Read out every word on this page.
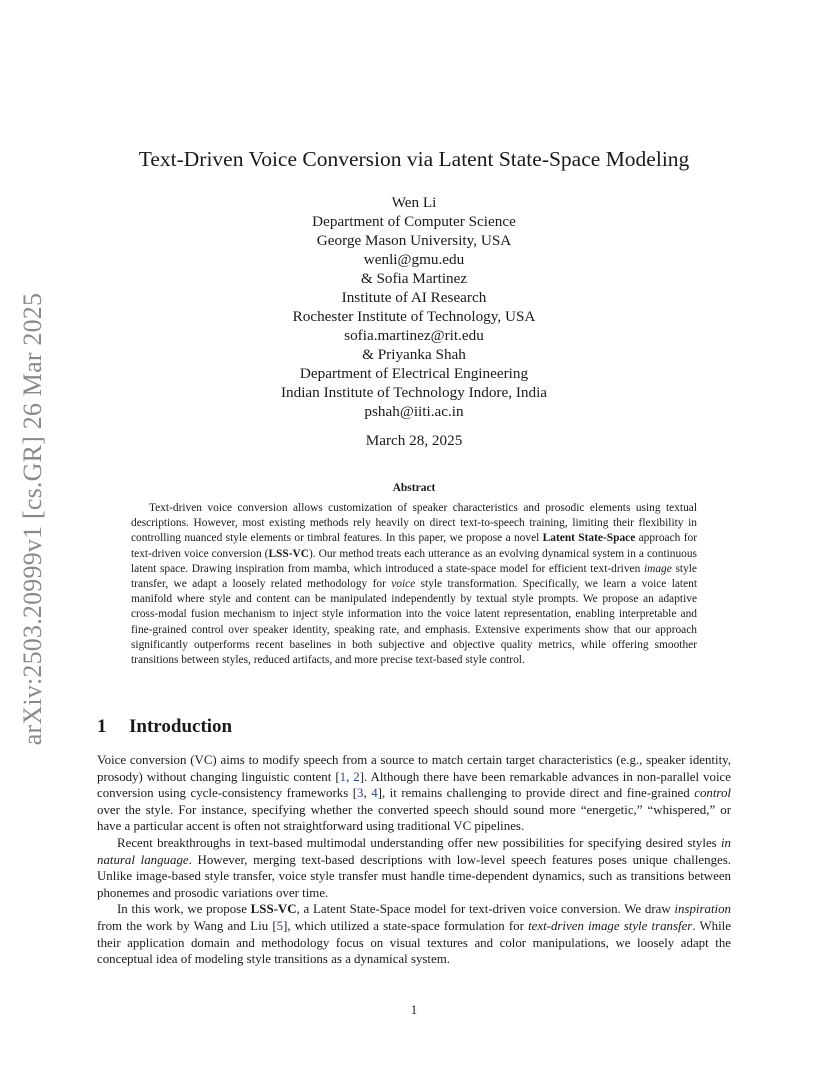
arXiv:2503.20999v1 [cs.GR] 26 Mar 2025
Text-Driven Voice Conversion via Latent State-Space Modeling
Wen Li
Department of Computer Science
George Mason University, USA
wenli@gmu.edu
& Sofia Martinez
Institute of AI Research
Rochester Institute of Technology, USA
sofia.martinez@rit.edu
& Priyanka Shah
Department of Electrical Engineering
Indian Institute of Technology Indore, India
pshah@iiti.ac.in
March 28, 2025
Abstract

Text-driven voice conversion allows customization of speaker characteristics and prosodic elements using textual descriptions. However, most existing methods rely heavily on direct text-to-speech training, limiting their flexibility in controlling nuanced style elements or timbral features. In this paper, we propose a novel Latent State-Space approach for text-driven voice conversion (LSS-VC). Our method treats each utterance as an evolving dynamical system in a continuous latent space. Drawing inspiration from mamba, which introduced a state-space model for efficient text-driven image style transfer, we adapt a loosely related methodology for voice style transformation. Specifically, we learn a voice latent manifold where style and content can be manipulated independently by textual style prompts. We propose an adaptive cross-modal fusion mechanism to inject style information into the voice latent representation, enabling interpretable and fine-grained control over speaker identity, speaking rate, and emphasis. Extensive experiments show that our approach significantly outperforms recent baselines in both subjective and objective quality metrics, while offering smoother transitions between styles, reduced artifacts, and more precise text-based style control.

1 Introduction

Voice conversion (VC) aims to modify speech from a source to match certain target characteristics (e.g., speaker identity, prosody) without changing linguistic content [1, 2]. Although there have been remarkable advances in non-parallel voice conversion using cycle-consistency frameworks [3, 4], it remains challenging to provide direct and fine-grained control over the style. For instance, specifying whether the converted speech should sound more “energetic,” “whispered,” or have a particular accent is often not straightforward using traditional VC pipelines.

Recent breakthroughs in text-based multimodal understanding offer new possibilities for specifying desired styles in natural language. However, merging text-based descriptions with low-level speech features poses unique challenges. Unlike image-based style transfer, voice style transfer must handle time-dependent dynamics, such as transitions between phonemes and prosodic variations over time.

In this work, we propose LSS-VC, a Latent State-Space model for text-driven voice conversion. We draw inspiration from the work by Wang and Liu [5], which utilized a state-space formulation for text-driven image style transfer. While their application domain and methodology focus on visual textures and color manipulations, we loosely adapt the conceptual idea of modeling style transitions as a dynamical system.

1
